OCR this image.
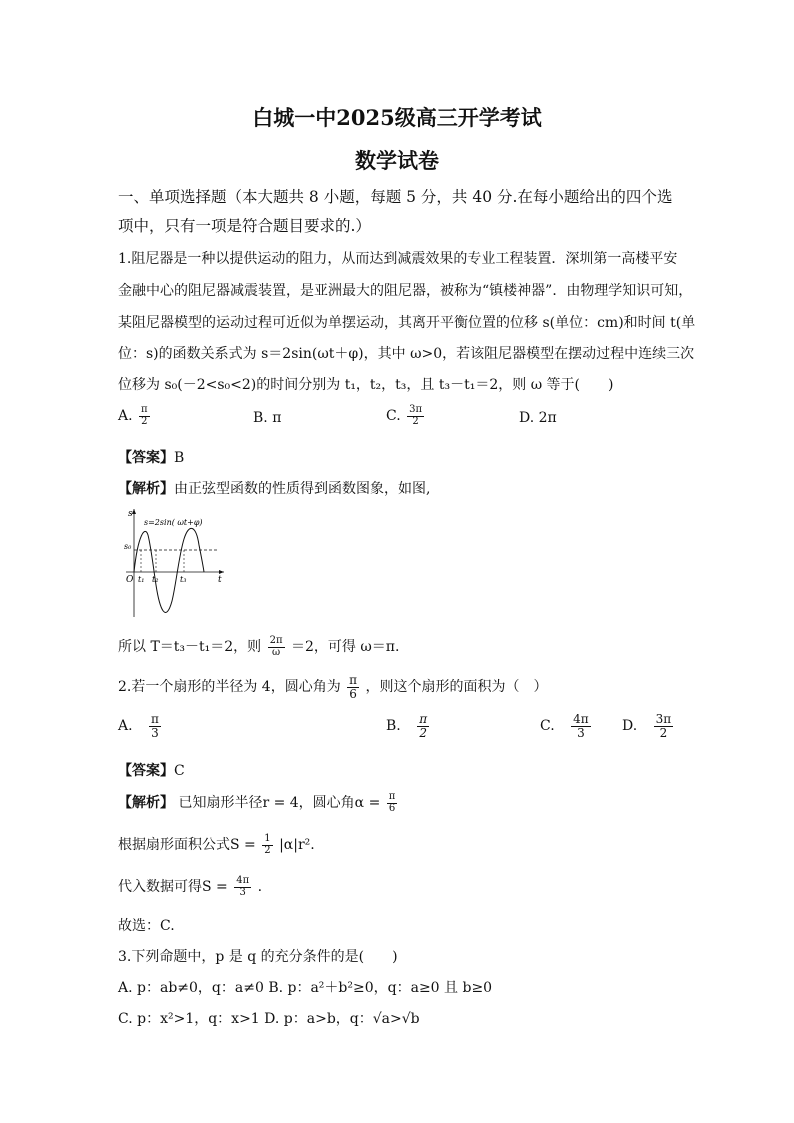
白城一中2025级高三开学考试
数学试卷
一、单项选择题（本大题共 8 小题，每题 5 分，共 40 分.在每小题给出的四个选
项中，只有一项是符合题目要求的.）
1.阻尼器是一种以提供运动的阻力，从而达到减震效果的专业工程装置．深圳第一高楼平安
金融中心的阻尼器减震装置，是亚洲最大的阻尼器，被称为“镇楼神器”．由物理学知识可知，
某阻尼器模型的运动过程可近似为单摆运动，其离开平衡位置的位移 s(单位：cm)和时间 t(单
位：s)的函数关系式为 s＝2sin(ωt＋φ)，其中 ω>0，若该阻尼器模型在摆动过程中连续三次
位移为 s₀(－2<s₀<2)的时间分别为 t₁，t₂，t₃，且 t₃－t₁＝2，则 ω 等于(　　)
A. $\frac{\pi}{2}$	B. π	C. $\frac{3\pi}{2}$	D. 2π
【答案】B
【解析】由正弦型函数的性质得到函数图象，如图,
s
t
O
s₀
t₁ t₂	t₃
s=2sin( ωt+φ)
所以 T＝t₃－t₁＝2，则 $\frac{2\pi}{\omega} =2$，可得 ω＝π.
2.若一个扇形的半径为 4，圆心角为 $\frac{\pi}{6}$ ，则这个扇形的面积为（　）
A. $\frac{\pi}{3}$	B. $\frac{\pi}{2}$	C. $\frac{4\pi}{3} D$. $\frac{3\pi}{2}$
【答案】C
【解析】 已知扇形半径r = 4，圆心角$\alpha = \frac{\pi}{6}$
根据扇形面积公式$S = \frac{1}{2} |\alpha|r^2$.
代入数据可得$S = \frac{4\pi}{3}$ .
故选：C.
3.下列命题中，p 是 q 的充分条件的是(　　)
A. p：ab≠0，q：a≠0 B. p：a²＋b²≥0，q：a≥0 且 b≥0
C. p：x²>1，q：x>1 D. p：a>b，q：√a>√b
